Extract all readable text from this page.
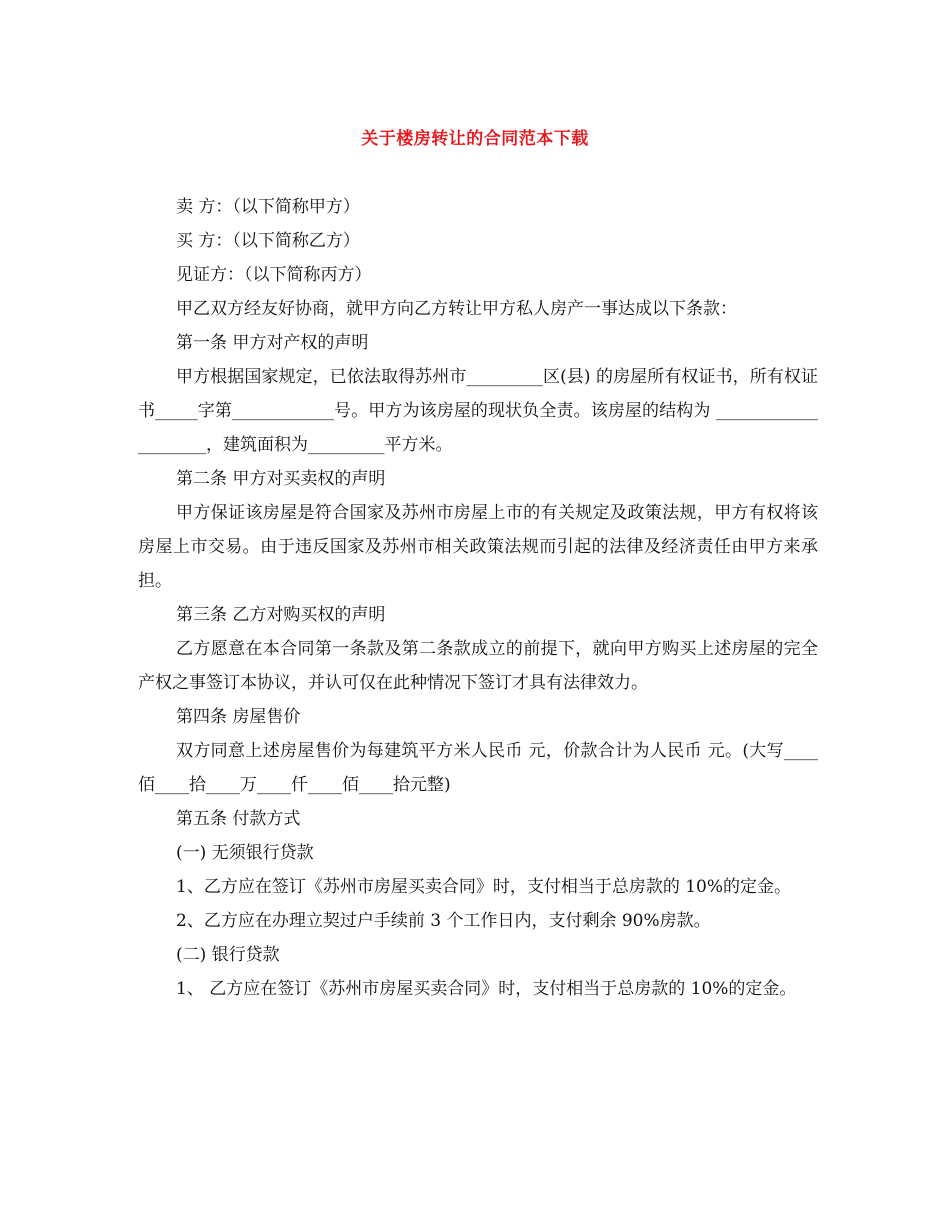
关于楼房转让的合同范本下载

卖 方：（以下简称甲方）

买 方：（以下简称乙方）

见证方：（以下简称丙方）

甲乙双方经友好协商，就甲方向乙方转让甲方私人房产一事达成以下条款：

第一条 甲方对产权的声明

甲方根据国家规定，已依法取得苏州市_________区(县) 的房屋所有权证书，所有权证书_____字第____________号。甲方为该房屋的现状负全责。该房屋的结构为 ____________________，建筑面积为_________平方米。

第二条 甲方对买卖权的声明

甲方保证该房屋是符合国家及苏州市房屋上市的有关规定及政策法规，甲方有权将该房屋上市交易。由于违反国家及苏州市相关政策法规而引起的法律及经济责任由甲方来承担。

第三条 乙方对购买权的声明

乙方愿意在本合同第一条款及第二条款成立的前提下，就向甲方购买上述房屋的完全产权之事签订本协议，并认可仅在此种情况下签订才具有法律效力。

第四条 房屋售价

双方同意上述房屋售价为每建筑平方米人民币 元，价款合计为人民币 元。(大写____佰____拾____万____仟____佰____拾元整)

第五条 付款方式

(一) 无须银行贷款

1、乙方应在签订《苏州市房屋买卖合同》时，支付相当于总房款的 10%的定金。

2、乙方应在办理立契过户手续前 3 个工作日内，支付剩余 90%房款。

(二) 银行贷款

1、 乙方应在签订《苏州市房屋买卖合同》时，支付相当于总房款的 10%的定金。
